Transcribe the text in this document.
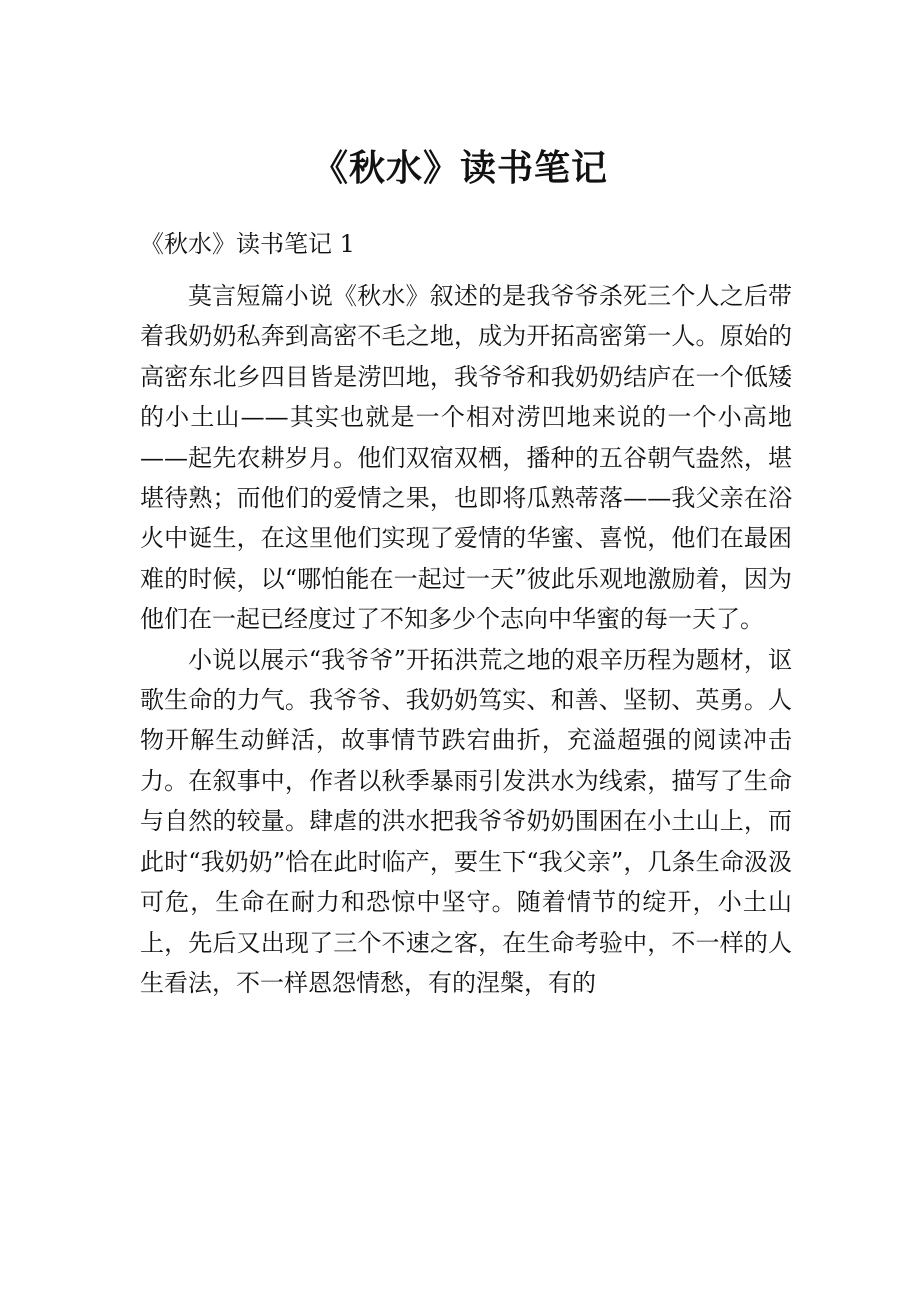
《秋水》读书笔记
《秋水》读书笔记 1

莫言短篇小说《秋水》叙述的是我爷爷杀死三个人之后带着我奶奶私奔到高密不毛之地，成为开拓高密第一人。原始的高密东北乡四目皆是涝凹地，我爷爷和我奶奶结庐在一个低矮的小土山——其实也就是一个相对涝凹地来说的一个小高地——起先农耕岁月。他们双宿双栖，播种的五谷朝气盎然，堪堪待熟；而他们的爱情之果，也即将瓜熟蒂落——我父亲在浴火中诞生，在这里他们实现了爱情的华蜜、喜悦，他们在最困难的时候，以“哪怕能在一起过一天”彼此乐观地激励着，因为他们在一起已经度过了不知多少个志向中华蜜的每一天了。

小说以展示“我爷爷”开拓洪荒之地的艰辛历程为题材，讴歌生命的力气。我爷爷、我奶奶笃实、和善、坚韧、英勇。人物开解生动鲜活，故事情节跌宕曲折，充溢超强的阅读冲击力。在叙事中，作者以秋季暴雨引发洪水为线索，描写了生命与自然的较量。肆虐的洪水把我爷爷奶奶围困在小土山上，而此时“我奶奶”恰在此时临产，要生下“我父亲”，几条生命汲汲可危，生命在耐力和恐惊中坚守。随着情节的绽开，小土山上，先后又出现了三个不速之客，在生命考验中，不一样的人生看法，不一样恩怨情愁，有的涅槃，有的
